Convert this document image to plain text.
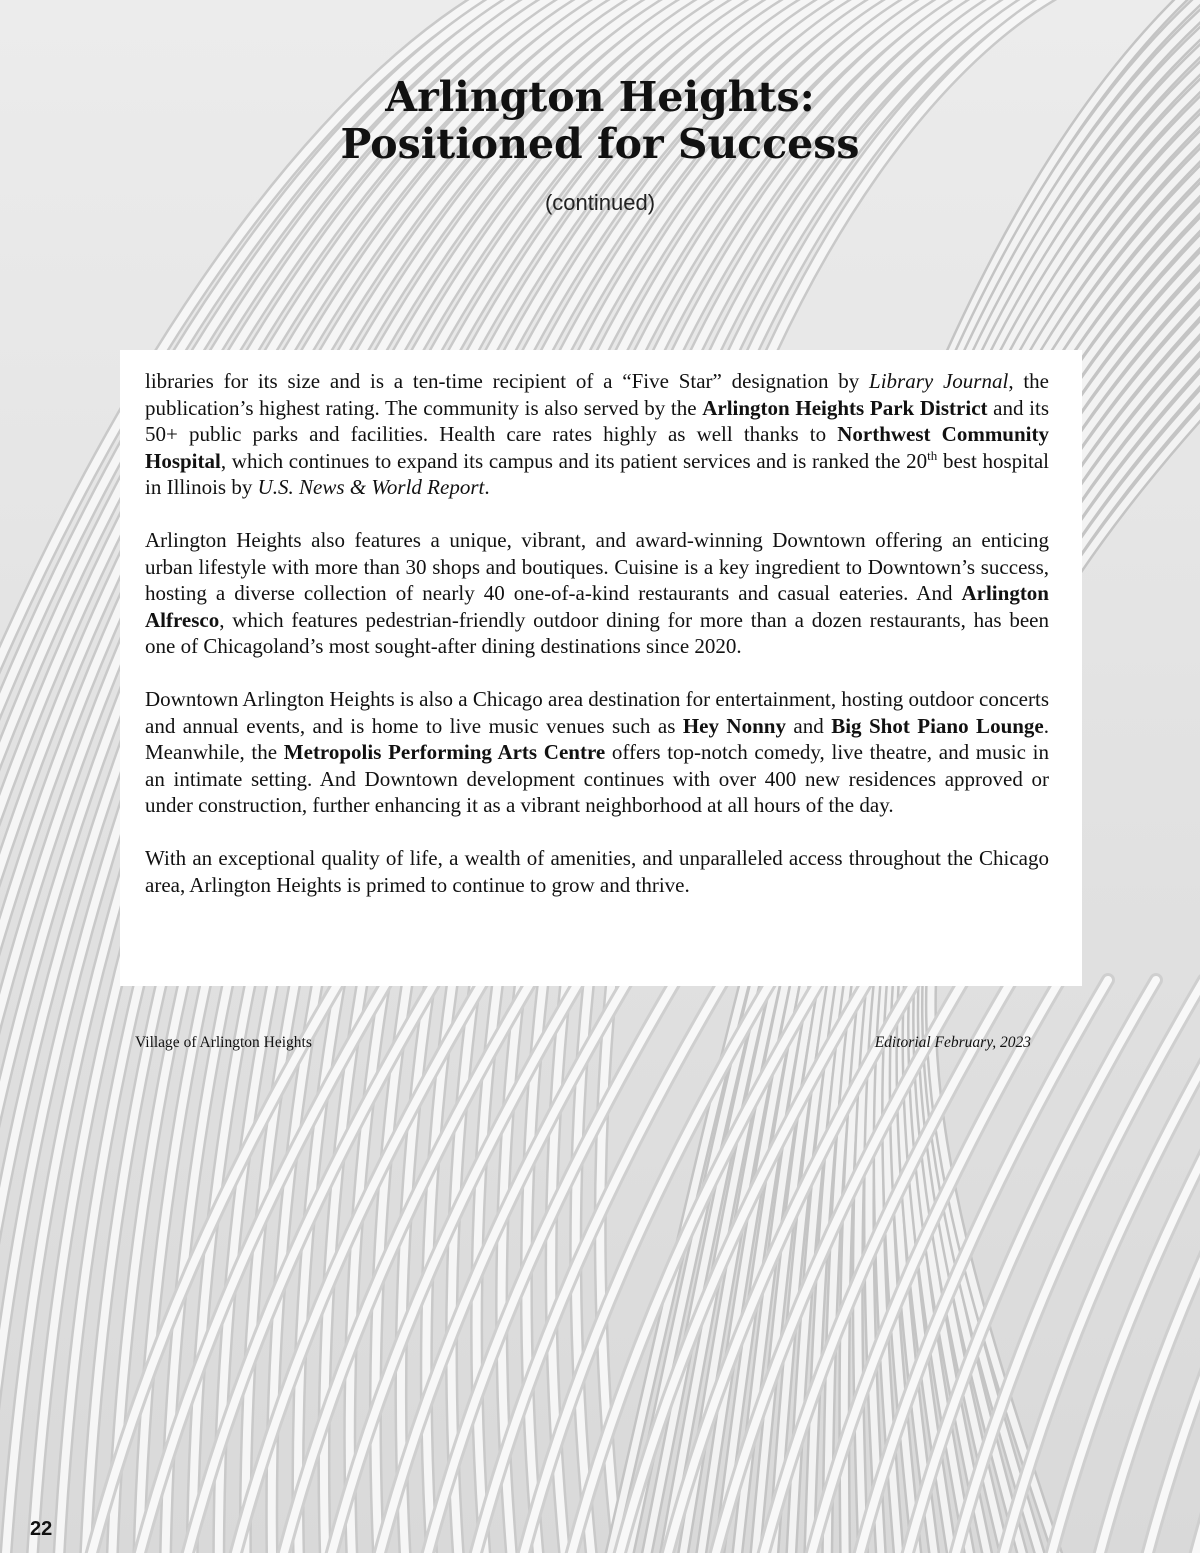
Arlington Heights:
Positioned for Success
(continued)

libraries for its size and is a ten-time recipient of a “Five Star” designation by Library Journal, the publication’s highest rating. The community is also served by the Arlington Heights Park District and its 50+ public parks and facilities. Health care rates highly as well thanks to Northwest Community Hospital, which continues to expand its campus and its patient services and is ranked the 20th best hospital in Illinois by U.S. News & World Report.

Arlington Heights also features a unique, vibrant, and award-winning Downtown offering an enticing urban lifestyle with more than 30 shops and boutiques. Cuisine is a key ingredient to Downtown’s success, hosting a diverse collection of nearly 40 one-of-a-kind restaurants and casual eateries. And Arlington Alfresco, which features pedestrian-friendly outdoor dining for more than a dozen restaurants, has been one of Chicagoland’s most sought-after dining destinations since 2020.

Downtown Arlington Heights is also a Chicago area destination for entertainment, hosting outdoor concerts and annual events, and is home to live music venues such as Hey Nonny and Big Shot Piano Lounge. Meanwhile, the Metropolis Performing Arts Centre offers top-notch comedy, live theatre, and music in an intimate setting. And Downtown development continues with over 400 new residences approved or under construction, further enhancing it as a vibrant neighborhood at all hours of the day.

With an exceptional quality of life, a wealth of amenities, and unparalleled access throughout the Chicago area, Arlington Heights is primed to continue to grow and thrive.

Village of Arlington Heights	Editorial February, 2023
22
